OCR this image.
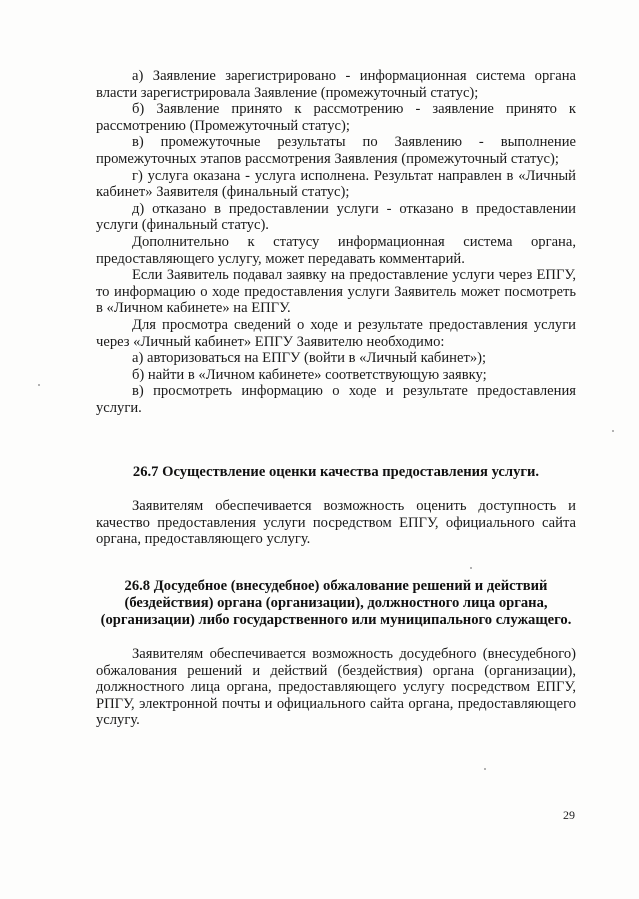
а) Заявление зарегистрировано - информационная система органа власти зарегистрировала Заявление (промежуточный статус);

б) Заявление принято к рассмотрению - заявление принято к рассмотрению (Промежуточный статус);

в) промежуточные результаты по Заявлению - выполнение промежуточных этапов рассмотрения Заявления (промежуточный статус);

г) услуга оказана - услуга исполнена. Результат направлен в «Личный кабинет» Заявителя (финальный статус);

д) отказано в предоставлении услуги - отказано в предоставлении услуги (финальный статус).

Дополнительно к статусу информационная система органа, предоставляющего услугу, может передавать комментарий.

Если Заявитель подавал заявку на предоставление услуги через ЕПГУ, то информацию о ходе предоставления услуги Заявитель может посмотреть в «Личном кабинете» на ЕПГУ.

Для просмотра сведений о ходе и результате предоставления услуги через «Личный кабинет» ЕПГУ Заявителю необходимо:

а) авторизоваться на ЕПГУ (войти в «Личный кабинет»);

б) найти в «Личном кабинете» соответствующую заявку;

в) просмотреть информацию о ходе и результате предоставления услуги.

26.7 Осуществление оценки качества предоставления услуги.

Заявителям обеспечивается возможность оценить доступность и качество предоставления услуги посредством ЕПГУ, официального сайта органа, предоставляющего услугу.

26.8 Досудебное (внесудебное) обжалование решений и действий
(бездействия) органа (организации), должностного лица органа,
(организации) либо государственного или муниципального служащего.

Заявителям обеспечивается возможность досудебного (внесудебного) обжалования решений и действий (бездействия) органа (организации), должностного лица органа, предоставляющего услугу посредством ЕПГУ, РПГУ, электронной почты и официального сайта органа, предоставляющего услугу.

29
